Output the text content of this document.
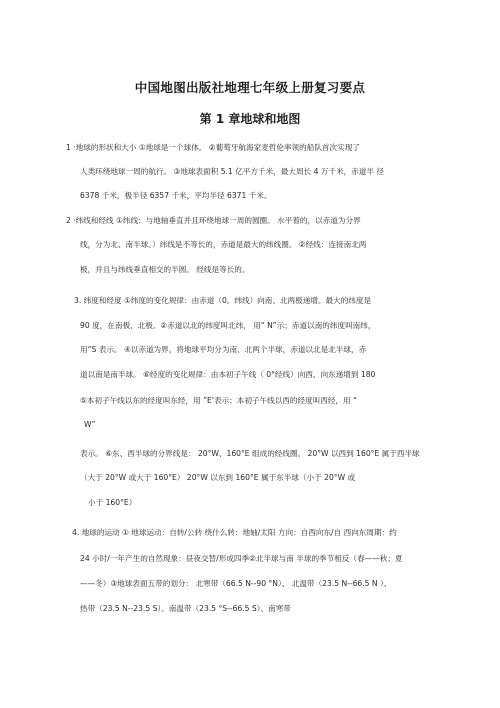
中国地图出版社地理七年级上册复习要点
第 1 章地球和地图
1 ·地球的形状和大小 ①地球是一个球体。 ②葡萄牙航海家麦哲伦率领的船队首次实现了
人类环绕地球一周的航行。 ③地球表面积 5.1 亿平方千米，最大周长 4 万千米，赤道半 径
6378 千米，极半径 6357 千米，平均半径 6371 千米。
2 ·纬线和经线 ①纬线：与地轴垂直并且环绕地球一周的圆圈。 水平着的，以赤道为分界
线，分为北、南半球。）纬线是不等长的，赤道是最大的纬线圈。 ②经线：连接南北两
极，并且与纬线垂直相交的半圆。 经线是等长的。
3. 纬度和经度 ①纬度的变化规律：由赤道（0。纬线）向南、北两极递增。最大的纬度是
90 度，在南极、北极。②赤道以北的纬度叫北纬， 用“ N”示；赤道以南的纬度叫南纬，
用“S 表示。 ④以赤道为界，将地球平均分为南、北两个半球，赤道以北是北半球，赤
道以南是南半球。 ⑥经度的变化规律：由本初子午线（ 0°经线）向西、向东递增到 180
⑤本初子午线以东的经度叫东经，用 ”E'表示；本初子午线以西的经度叫西经，用 “
W”
表示。 ⑥东、西半球的分界线是： 20°W、160°E 组成的经线圈。 20°W 以西到 160°E 属于西半球
（大于 20°W 或大于 160°E） 20°W 以东到 160°E 属于东半球（小于 20°W 或
小于 160°E）
4. 地球的运动 ① 地球运动：自转/公转 绕什么转：地轴/太阳 方向：自西向东/自 西向东周期：约
24 小时/一年产生的自然现象：昼夜交替/形成四季②北半球与南 半球的季节相反（春——秋；夏
——冬）③地球表面五带的划分： 北寒带（66.5 N--90 °N）、 北温带（23.5 N--66.5 N ）、
热带（23.5 N--23.5 S）、南温带（23.5 °S--66.5 S）、南寒带
